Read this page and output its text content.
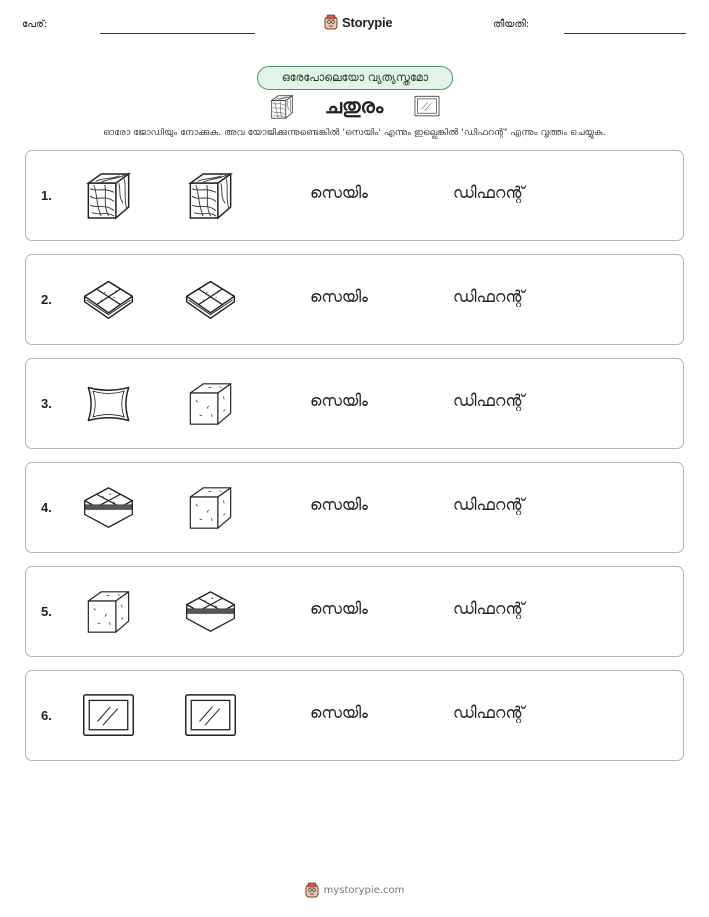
പേര്:	Storypie	തീയതി:
ഒരേപോലെയോ വ്യത്യസ്തമോ
ചതുരം
ഓരോ ജോഡിയും നോക്കുക. അവ യോജിക്കുന്നുണ്ടെങ്കിൽ 'സെയിം' എന്നും ഇല്ലെങ്കിൽ 'ഡിഫറന്റ്' എന്നും വൃത്തം ചെയ്യുക.
1.	സെയിം	ഡിഫറന്റ്
2.	സെയിം	ഡിഫറന്റ്
3.	സെയിം	ഡിഫറന്റ്
4.	സെയിം	ഡിഫറന്റ്
5.	സെയിം	ഡിഫറന്റ്
6.	സെയിം	ഡിഫറന്റ്
mystorypie.com
